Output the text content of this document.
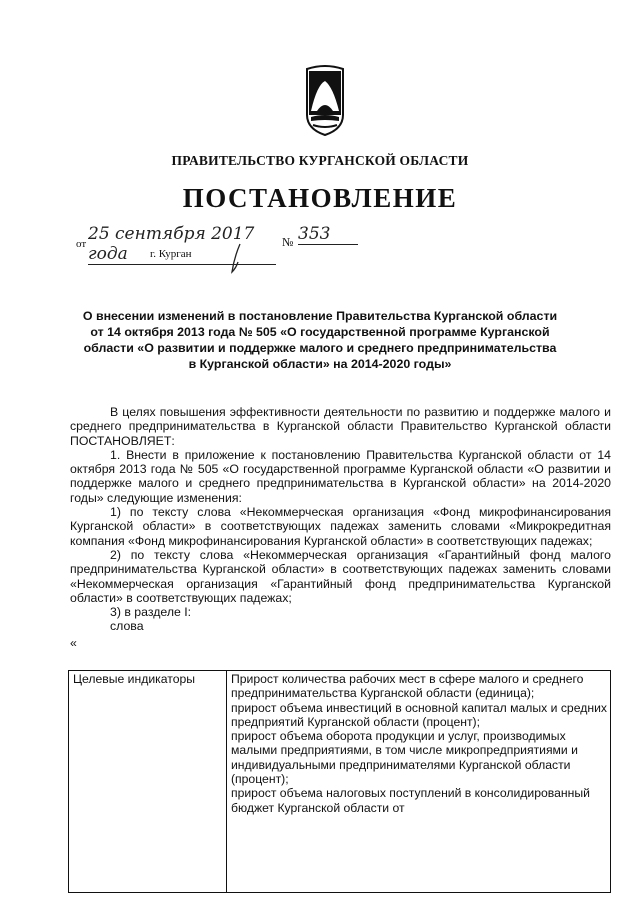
ПРАВИТЕЛЬСТВО КУРГАНСКОЙ ОБЛАСТИ
ПОСТАНОВЛЕНИЕ
от 25 сентября 2017 года
№ 353
г. Курган
О внесении изменений в постановление Правительства Курганской области
от 14 октября 2013 года № 505 «О государственной программе Курганской
области «О развитии и поддержке малого и среднего предпринимательства
в Курганской области» на 2014-2020 годы»

В целях повышения эффективности деятельности по развитию и поддержке малого и среднего предпринимательства в Курганской области Правительство Курганской области ПОСТАНОВЛЯЕТ:

1. Внести в приложение к постановлению Правительства Курганской области от 14 октября 2013 года № 505 «О государственной программе Курганской области «О развитии и поддержке малого и среднего предпринимательства в Курганской области» на 2014-2020 годы» следующие изменения:

1) по тексту слова «Некоммерческая организация «Фонд микрофинансирования Курганской области» в соответствующих падежах заменить словами «Микрокредитная компания «Фонд микрофинансирования Курганской области» в соответствующих падежах;

2) по тексту слова «Некоммерческая организация «Гарантийный фонд малого предпринимательства Курганской области» в соответствующих падежах заменить словами «Некоммерческая организация «Гарантийный фонд предпринимательства Курганской области» в соответствующих падежах;

3) в разделе I:

слова

«

Целевые индикаторы	Прирост количества рабочих мест в сфере малого и среднего предпринимательства Курганской области (единица);
прирост объема инвестиций в основной капитал малых и средних предприятий Курганской области (процент);
прирост объема оборота продукции и услуг, производимых малыми предприятиями, в том числе микропредприятиями и индивидуальными предпринимателями Курганской области (процент);
прирост объема налоговых поступлений в консолидированный бюджет Курганской области от
